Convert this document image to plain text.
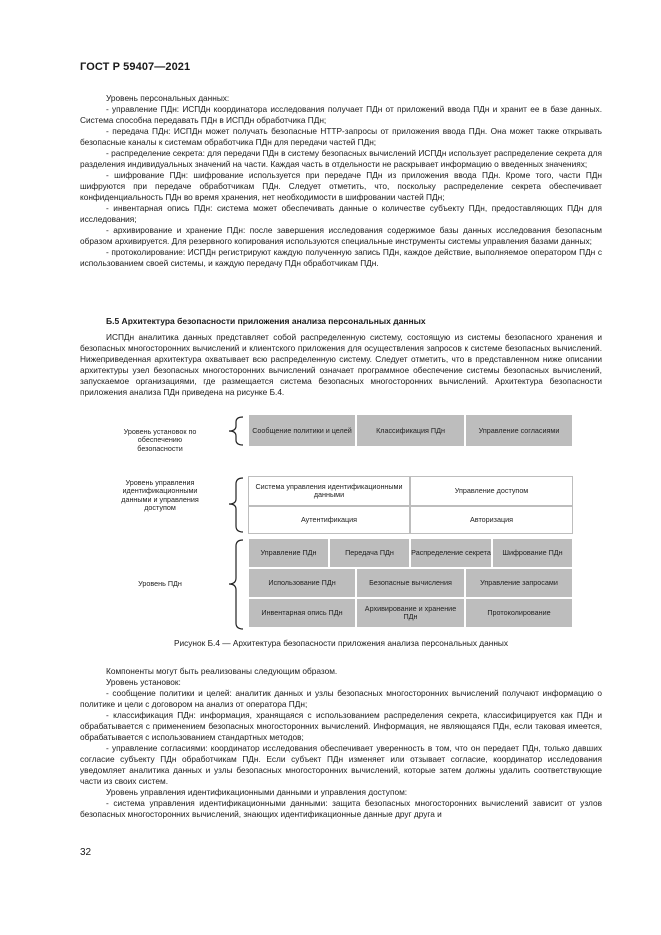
ГОСТ Р 59407—2021

Уровень персональных данных:

- управление ПДн: ИСПДн координатора исследования получает ПДн от приложений ввода ПДн и хранит ее в базе данных. Система способна передавать ПДн в ИСПДн обработчика ПДн;

- передача ПДн: ИСПДн может получать безопасные HTTP-запросы от приложения ввода ПДн. Она может также открывать безопасные каналы к системам обработчика ПДн для передачи частей ПДн;

- распределение секрета: для передачи ПДн в систему безопасных вычислений ИСПДн использует распределение секрета для разделения индивидуальных значений на части. Каждая часть в отдельности не раскрывает информацию о введенных значениях;

- шифрование ПДн: шифрование используется при передаче ПДн из приложения ввода ПДн. Кроме того, части ПДн шифруются при передаче обработчикам ПДн. Следует отметить, что, поскольку распределение секрета обеспечивает конфиденциальность ПДн во время хранения, нет необходимости в шифровании частей ПДн;

- инвентарная опись ПДн: система может обеспечивать данные о количестве субъекту ПДн, предоставляющих ПДн для исследования;

- архивирование и хранение ПДн: после завершения исследования содержимое базы данных исследования безопасным образом архивируется. Для резервного копирования используются специальные инструменты системы управления базами данных;

- протоколирование: ИСПДн регистрируют каждую полученную запись ПДн, каждое действие, выполняемое оператором ПДн с использованием своей системы, и каждую передачу ПДн обработчикам ПДн.

Б.5 Архитектура безопасности приложения анализа персональных данных

ИСПДн аналитика данных представляет собой распределенную систему, состоящую из системы безопасного хранения и безопасных многосторонних вычислений и клиентского приложения для осуществления запросов к системе безопасных вычислений. Нижеприведенная архитектура охватывает всю распределенную систему. Следует отметить, что в представленном ниже описании архитектуры узел безопасных многосторонних вычислений означает программное обеспечение системы безопасных вычислений, запускаемое организациями, где размещается система безопасных многосторонних вычислений. Архитектура безопасности приложения анализа ПДн приведена на рисунке Б.4.

Уровень установок по обеспечению безопасности
Уровень управления идентификационными данными и управления доступом
Уровень ПДн
Сообщение политики и целей	Классификация ПДн	Управление согласиями
Система управления идентификационными данными	Управление доступом
Аутентификация	Авторизация
Управление ПДн	Передача ПДн	Распределение секрета	Шифрование ПДн
Использование ПДн	Безопасные вычисления	Управление запросами
Инвентарная опись ПДн	Архивирование и хранение ПДн	Протоколирование
Рисунок Б.4 — Архитектура безопасности приложения анализа персональных данных

Компоненты могут быть реализованы следующим образом.

Уровень установок:

- сообщение политики и целей: аналитик данных и узлы безопасных многосторонних вычислений получают информацию о политике и цели с договором на анализ от оператора ПДн;

- классификация ПДн: информация, хранящаяся с использованием распределения секрета, классифицируется как ПДн и обрабатывается с применением безопасных многосторонних вычислений. Информация, не являющаяся ПДн, если таковая имеется, обрабатывается с использованием стандартных методов;

- управление согласиями: координатор исследования обеспечивает уверенность в том, что он передает ПДн, только давших согласие субъекту ПДн обработчикам ПДн. Если субъект ПДн изменяет или отзывает согласие, координатор исследования уведомляет аналитика данных и узлы безопасных многосторонних вычислений, которые затем должны удалить соответствующие части из своих систем.

Уровень управления идентификационными данными и управления доступом:

- система управления идентификационными данными: защита безопасных многосторонних вычислений зависит от узлов безопасных многосторонних вычислений, знающих идентификационные данные друг друга и

32
